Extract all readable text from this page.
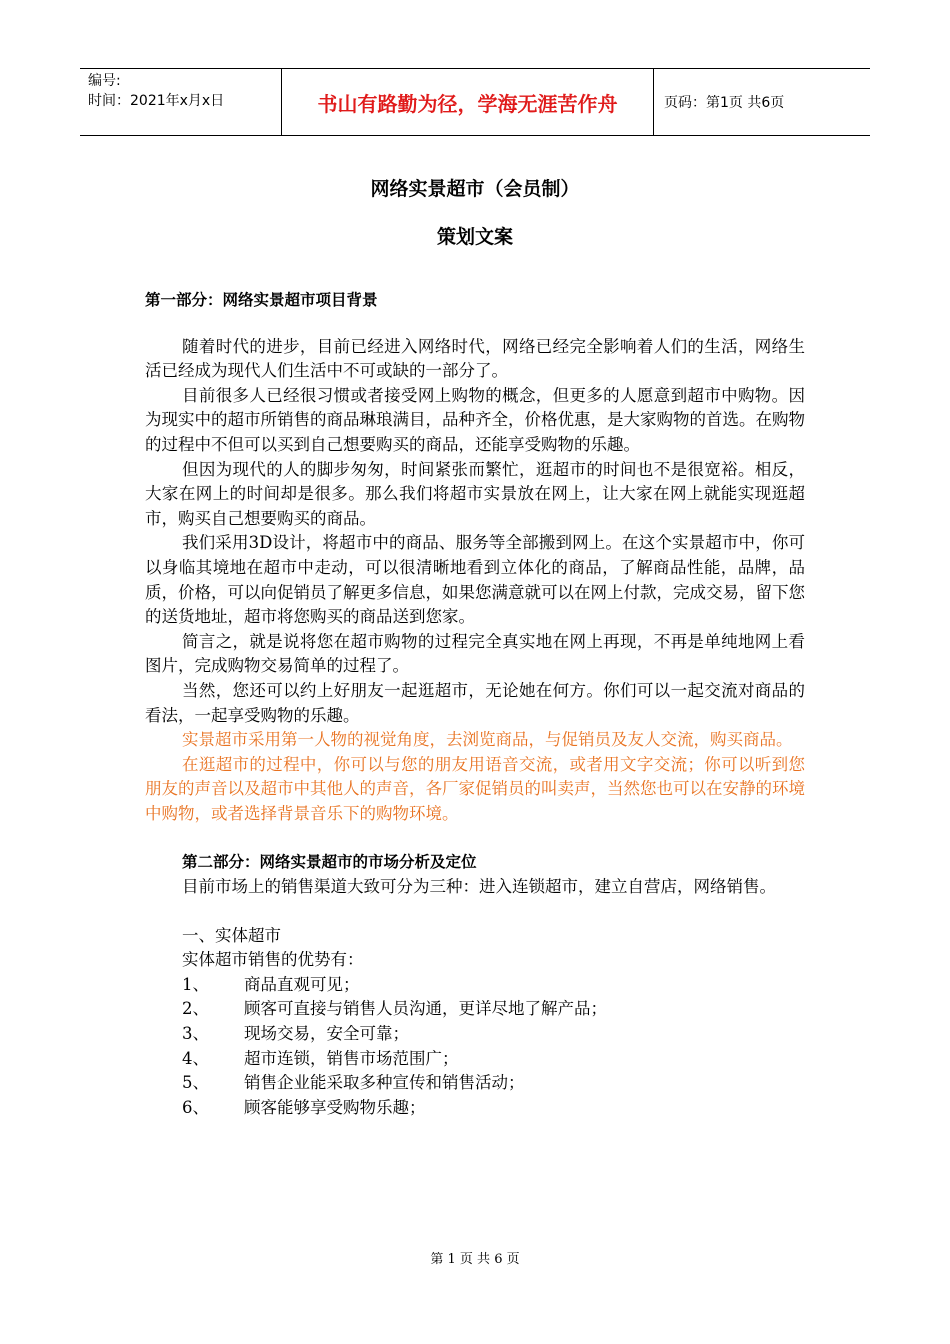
编号:
时间：2021年x月x日	书山有路勤为径，学海无涯苦作舟	页码：第1页 共6页
网络实景超市（会员制）
策划文案

第一部分：网络实景超市项目背景

随着时代的进步，目前已经进入网络时代，网络已经完全影响着人们的生活，网络生活已经成为现代人们生活中不可或缺的一部分了。

目前很多人已经很习惯或者接受网上购物的概念，但更多的人愿意到超市中购物。因为现实中的超市所销售的商品琳琅满目，品种齐全，价格优惠，是大家购物的首选。在购物的过程中不但可以买到自己想要购买的商品，还能享受购物的乐趣。

但因为现代的人的脚步匆匆，时间紧张而繁忙，逛超市的时间也不是很宽裕。相反，大家在网上的时间却是很多。那么我们将超市实景放在网上，让大家在网上就能实现逛超市，购买自己想要购买的商品。

我们采用3D设计，将超市中的商品、服务等全部搬到网上。在这个实景超市中，你可以身临其境地在超市中走动，可以很清晰地看到立体化的商品，了解商品性能，品牌，品质，价格，可以向促销员了解更多信息，如果您满意就可以在网上付款，完成交易，留下您的送货地址，超市将您购买的商品送到您家。

简言之，就是说将您在超市购物的过程完全真实地在网上再现，不再是单纯地网上看图片，完成购物交易简单的过程了。

当然，您还可以约上好朋友一起逛超市，无论她在何方。你们可以一起交流对商品的看法，一起享受购物的乐趣。

实景超市采用第一人物的视觉角度，去浏览商品，与促销员及友人交流，购买商品。

在逛超市的过程中，你可以与您的朋友用语音交流，或者用文字交流；你可以听到您朋友的声音以及超市中其他人的声音，各厂家促销员的叫卖声，当然您也可以在安静的环境中购物，或者选择背景音乐下的购物环境。

第二部分：网络实景超市的市场分析及定位

目前市场上的销售渠道大致可分为三种：进入连锁超市，建立自营店，网络销售。

一、实体超市

实体超市销售的优势有：

1、	商品直观可见；
2、	顾客可直接与销售人员沟通，更详尽地了解产品；
3、	现场交易，安全可靠；
4、	超市连锁，销售市场范围广；
5、	销售企业能采取多种宣传和销售活动；
6、	顾客能够享受购物乐趣；
第 1 页 共 6 页
